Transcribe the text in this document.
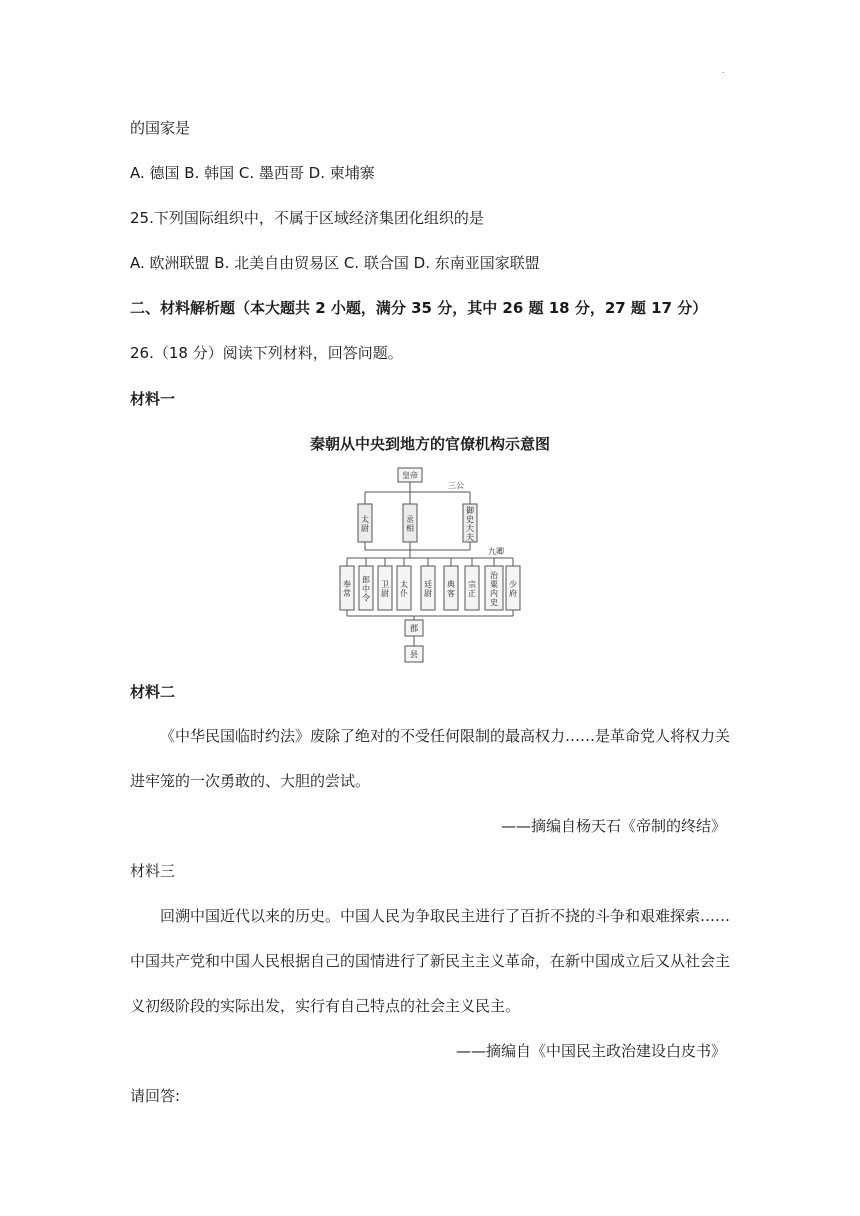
.
的国家是
A. 德国 B. 韩国 C. 墨西哥 D. 柬埔寨
25.下列国际组织中，不属于区域经济集团化组织的是
A. 欧洲联盟 B. 北美自由贸易区 C. 联合国 D. 东南亚国家联盟
二、材料解析题（本大题共 2 小题，满分 35 分，其中 26 题 18 分，27 题 17 分）
26.（18 分）阅读下列材料，回答问题。
材料一
秦朝从中央到地方的官僚机构示意图
皇帝
三公
太尉
丞相
御史大夫
九卿
奉常
郎中令
卫尉
太仆
廷尉
典客
宗正
治粟内史
少府
郡
县
材料二
《中华民国临时约法》废除了绝对的不受任何限制的最高权力……是革命党人将权力关
进牢笼的一次勇敢的、大胆的尝试。
——摘编自杨天石《帝制的终结》
材料三
回溯中国近代以来的历史。中国人民为争取民主进行了百折不挠的斗争和艰难探索……
中国共产党和中国人民根据自己的国情进行了新民主主义革命，在新中国成立后又从社会主
义初级阶段的实际出发，实行有自己特点的社会主义民主。
——摘编自《中国民主政治建设白皮书》
请回答:
